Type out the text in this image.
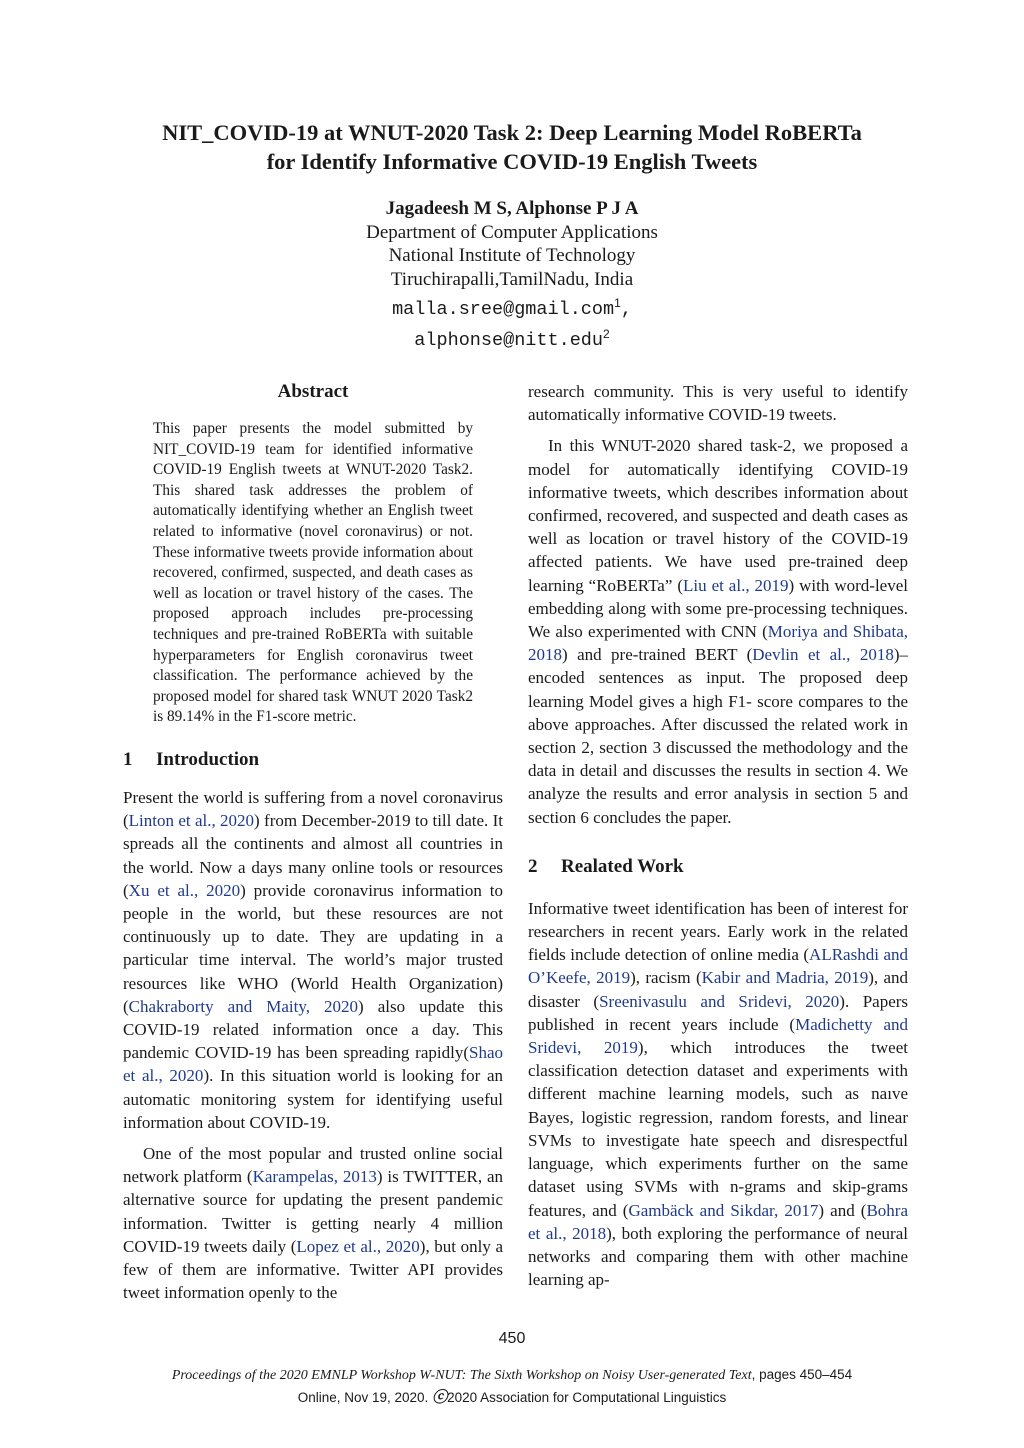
NIT_COVID-19 at WNUT-2020 Task 2: Deep Learning Model RoBERTa
for Identify Informative COVID-19 English Tweets
Jagadeesh M S, Alphonse P J A
Department of Computer Applications
National Institute of Technology
Tiruchirapalli,TamilNadu, India
malla.sree@gmail.com$^1$,
alphonse@nitt.edu$^2$
Abstract

This paper presents the model submitted by NIT_COVID-19 team for identified informative COVID-19 English tweets at WNUT-2020 Task2. This shared task addresses the problem of automatically identifying whether an English tweet related to informative (novel coronavirus) or not. These informative tweets provide information about recovered, confirmed, suspected, and death cases as well as location or travel history of the cases. The proposed approach includes pre-processing techniques and pre-trained RoBERTa with suitable hyperparameters for English coronavirus tweet classification. The performance achieved by the proposed model for shared task WNUT 2020 Task2 is 89.14% in the F1-score metric.

1	Introduction

Present the world is suffering from a novel coronavirus (Linton et al., 2020) from December-2019 to till date. It spreads all the continents and almost all countries in the world. Now a days many online tools or resources (Xu et al., 2020) provide coronavirus information to people in the world, but these resources are not continuously up to date. They are updating in a particular time interval. The world’s major trusted resources like WHO (World Health Organization) (Chakraborty and Maity, 2020) also update this COVID-19 related information once a day. This pandemic COVID-19 has been spreading rapidly(Shao et al., 2020). In this situation world is looking for an automatic monitoring system for identifying useful information about COVID-19.

One of the most popular and trusted online social network platform (Karampelas, 2013) is TWITTER, an alternative source for updating the present pandemic information. Twitter is getting nearly 4 million COVID-19 tweets daily (Lopez et al., 2020), but only a few of them are informative. Twitter API provides tweet information openly to the

research community. This is very useful to identify automatically informative COVID-19 tweets.

In this WNUT-2020 shared task-2, we proposed a model for automatically identifying COVID-19 informative tweets, which describes information about confirmed, recovered, and suspected and death cases as well as location or travel history of the COVID-19 affected patients. We have used pre-trained deep learning “RoBERTa” (Liu et al., 2019) with word-level embedding along with some pre-processing techniques. We also experimented with CNN (Moriya and Shibata, 2018) and pre-trained BERT (Devlin et al., 2018)– encoded sentences as input. The proposed deep learning Model gives a high F1- score compares to the above approaches. After discussed the related work in section 2, section 3 discussed the methodology and the data in detail and discusses the results in section 4. We analyze the results and error analysis in section 5 and section 6 concludes the paper.

2	Realated Work

Informative tweet identification has been of interest for researchers in recent years. Early work in the related fields include detection of online media (ALRashdi and O’Keefe, 2019), racism (Kabir and Madria, 2019), and disaster (Sreenivasulu and Sridevi, 2020). Papers published in recent years include (Madichetty and Sridevi, 2019), which introduces the tweet classification detection dataset and experiments with different machine learning models, such as naıve Bayes, logistic regression, random forests, and linear SVMs to investigate hate speech and disrespectful language, which experiments further on the same dataset using SVMs with n-grams and skip-grams features, and (Gambäck and Sikdar, 2017) and (Bohra et al., 2018), both exploring the performance of neural networks and comparing them with other machine learning ap-

450
Proceedings of the 2020 EMNLP Workshop W-NUT: The Sixth Workshop on Noisy User-generated Text, pages 450–454
Online, Nov 19, 2020. ⓒ2020 Association for Computational Linguistics
